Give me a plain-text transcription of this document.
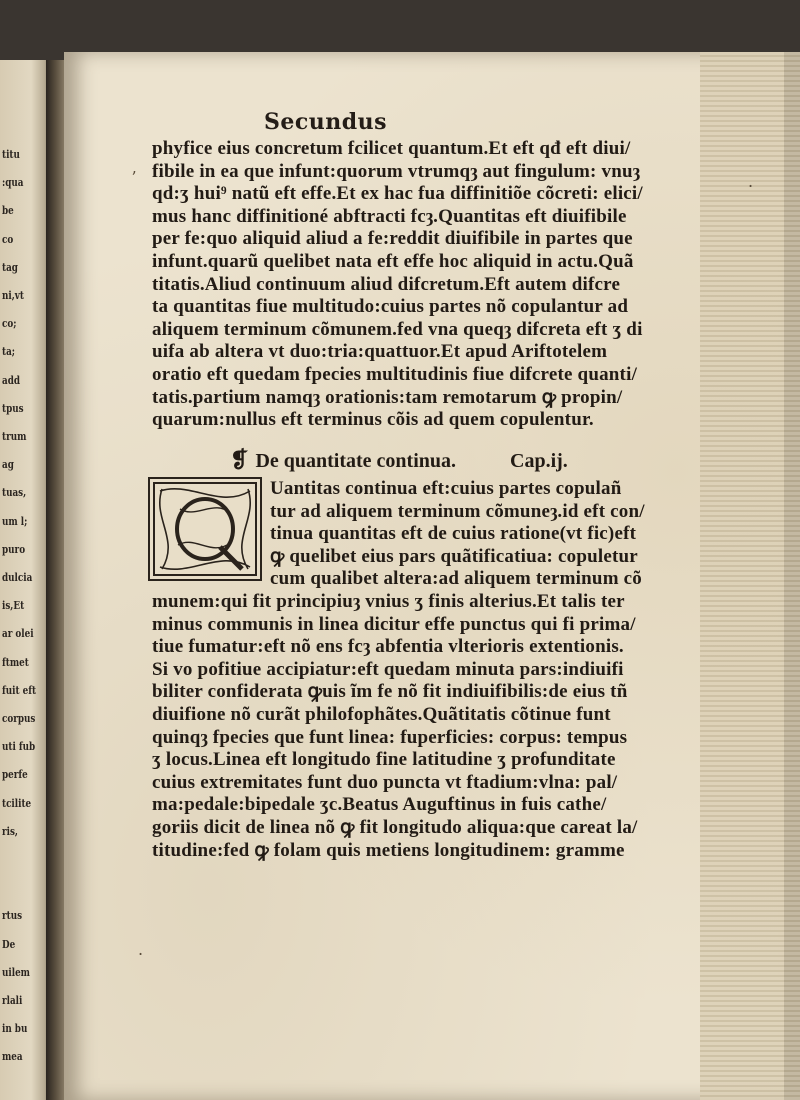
titu
:qua
be
co
tag
ni,vt
co;
ta;
add
tpus
trum
ag
tuas,
um l;
puro
dulcia
is,Et
ar olei
ftmet
fuit eft
corpus
uti fub
perfe
tcilite
ris,
rtus
De
uilem
rlali
in bu
mea
Secundus
phyfice eius concretum fcilicet quantum.Et eft qđ eft diui/
fibile in ea que infunt:quorum vtrumqȝ aut fingulum: vnuȝ
qd:ʒ hui⁹ natũ eft effe.Et ex hac fua diffinitiõe cõcreti: elici/
mus hanc diffinitioné abftracti fcȝ.Quantitas eft diuifibile
per fe:quo aliquid aliud a fe:reddit diuifibile in partes que
infunt.quarũ quelibet nata eft effe hoc aliquid in actu.Quã
titatis.Aliud continuum aliud difcretum.Eft autem difcre
ta quantitas fiue multitudo:cuius partes nõ copulantur ad
aliquem terminum cõmunem.fed vna queqȝ difcreta eft ʒ di
uifa ab altera vt duo:tria:quattuor.Et apud Ariftotelem
oratio eft quedam fpecies multitudinis fiue difcrete quanti/
tatis.partium namqȝ orationis:tam remotarum ꝙ propin/
quarum:nullus eft terminus cõis ad quem copulentur.
❡ De quantitate continua.	Cap.ij.
Uantitas continua eft:cuius partes copulañ
tur ad aliquem terminum cõmuneȝ.id eft con/
tinua quantitas eft de cuius ratione(vt fic)eft
ꝙ quelibet eius pars quãtificatiua: copuletur
cum qualibet altera:ad aliquem terminum cõ
munem:qui fit principiuȝ vnius ʒ finis alterius.Et talis ter
minus communis in linea dicitur effe punctus qui fi prima/
tiue fumatur:eft nõ ens fcȝ abfentia vlterioris extentionis.
Si vo pofitiue accipiatur:eft quedam minuta pars:indiuifi
biliter confiderata ꝙuis ĩm fe nõ fit indiuifibilis:de eius tñ
diuifione nõ curãt philofophãtes.Quãtitatis cõtinue funt
quinqȝ fpecies que funt linea: fuperficies: corpus: tempus
ʒ locus.Linea eft longitudo fine latitudine ʒ profunditate
cuius extremitates funt duo puncta vt ftadium:vlna: pal/
ma:pedale:bipedale ʒc.Beatus Auguftinus in fuis cathe/
goriis dicit de linea nõ ꝙ fit longitudo aliqua:que careat la/
titudine:fed ꝙ folam quis metiens longitudinem: gramme
ʼ	.
.
